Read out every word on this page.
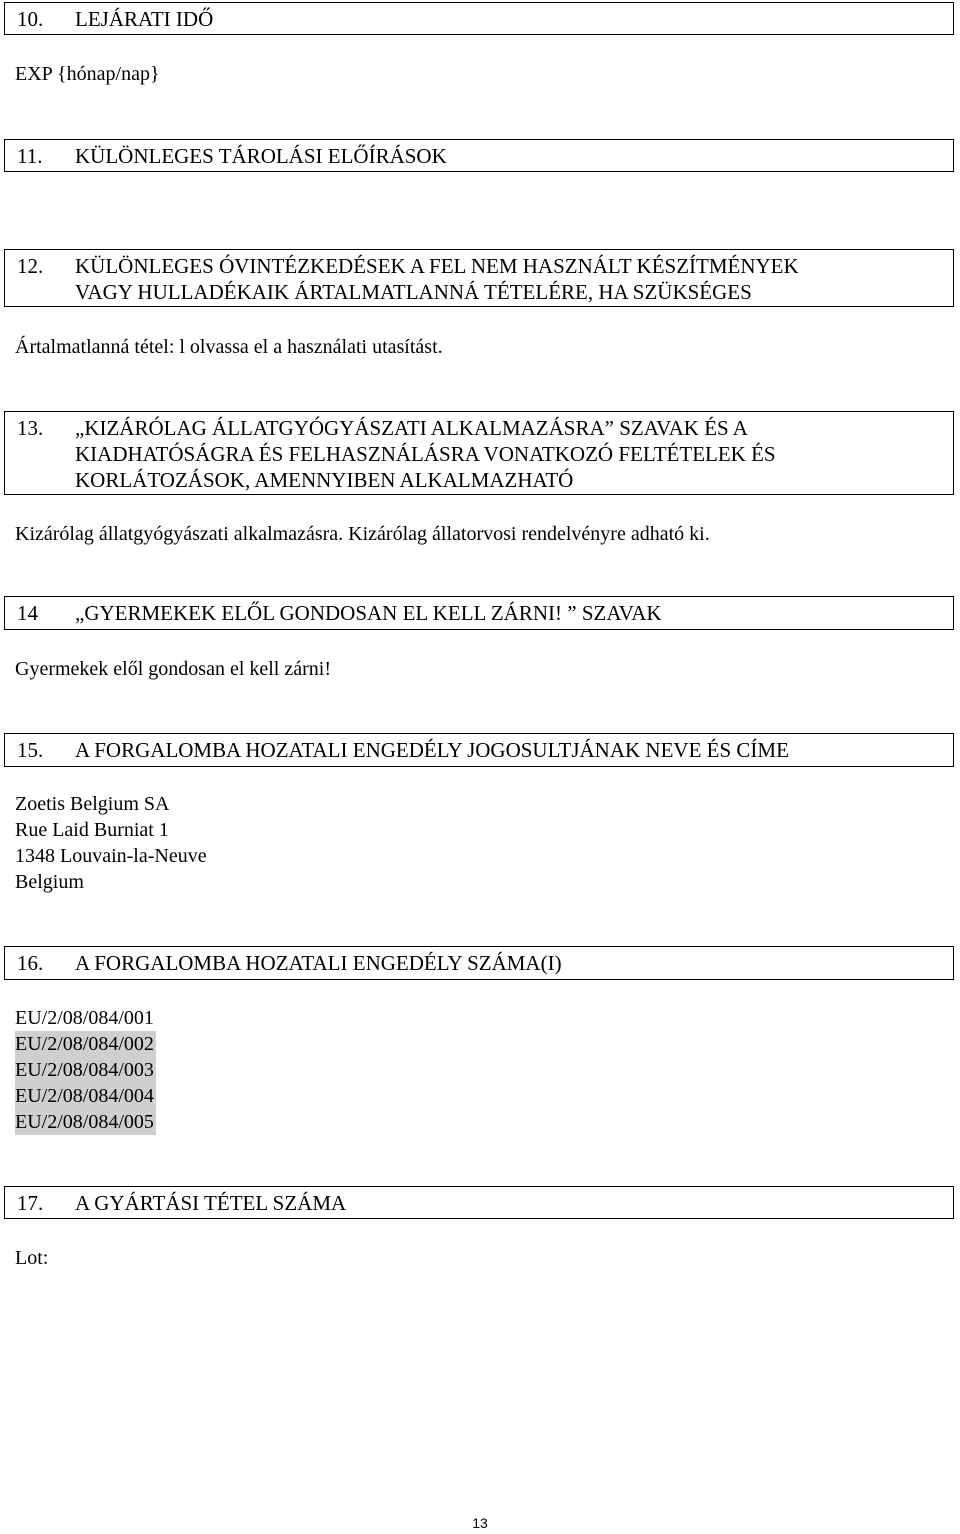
10. LEJÁRATI IDŐ
EXP {hónap/nap}
11. KÜLÖNLEGES TÁROLÁSI ELŐÍRÁSOK
12. KÜLÖNLEGES ÓVINTÉZKEDÉSEK A FEL NEM HASZNÁLT KÉSZÍTMÉNYEK
VAGY HULLADÉKAIK ÁRTALMATLANNÁ TÉTELÉRE, HA SZÜKSÉGES
Ártalmatlanná tétel: l olvassa el a használati utasítást.
13. „KIZÁRÓLAG ÁLLATGYÓGYÁSZATI ALKALMAZÁSRA” SZAVAK ÉS A
KIADHATÓSÁGRA ÉS FELHASZNÁLÁSRA VONATKOZÓ FELTÉTELEK ÉS
KORLÁTOZÁSOK, AMENNYIBEN ALKALMAZHATÓ
Kizárólag állatgyógyászati alkalmazásra. Kizárólag állatorvosi rendelvényre adható ki.
14 „GYERMEKEK ELŐL GONDOSAN EL KELL ZÁRNI! ” SZAVAK
Gyermekek elől gondosan el kell zárni!
15. A FORGALOMBA HOZATALI ENGEDÉLY JOGOSULTJÁNAK NEVE ÉS CÍME
Zoetis Belgium SA
Rue Laid Burniat 1
1348 Louvain-la-Neuve
Belgium
16. A FORGALOMBA HOZATALI ENGEDÉLY SZÁMA(I)
EU/2/08/084/001
EU/2/08/084/002
EU/2/08/084/003
EU/2/08/084/004
EU/2/08/084/005
17. A GYÁRTÁSI TÉTEL SZÁMA
Lot:
13
